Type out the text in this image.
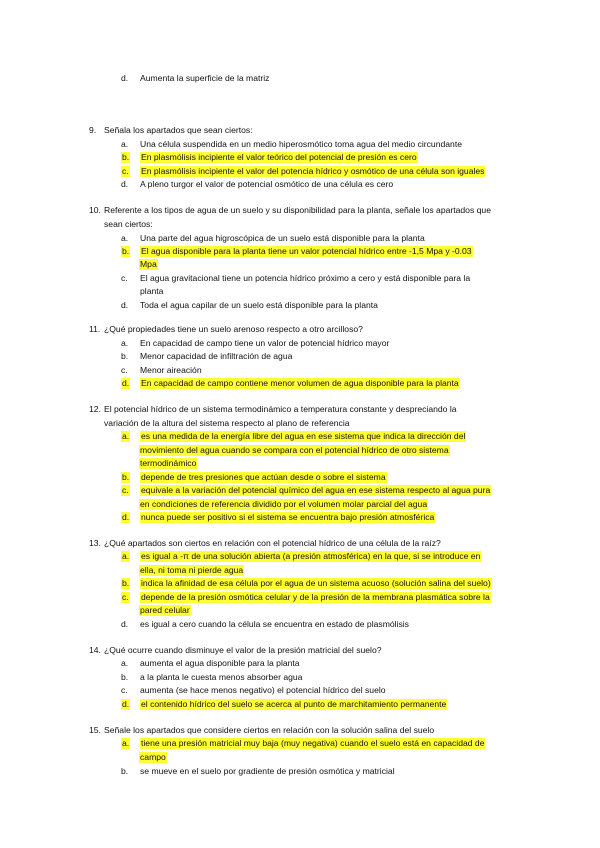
d. Aumenta la superficie de la matriz
9. Señala los apartados que sean ciertos:
a. Una célula suspendida en un medio hiperosmótico toma agua del medio circundante
b. En plasmólisis incipiente el valor teórico del potencial de presión es cero
c. En plasmólisis incipiente el valor del potencia hídrico y osmótico de una célula son iguales
d. A pleno turgor el valor de potencial osmótico de una célula es cero
10. Referente a los tipos de agua de un suelo y su disponibilidad para la planta, señale los apartados que
sean ciertos:
a. Una parte del agua higroscópica de un suelo está disponible para la planta
b. El agua disponible para la planta tiene un valor potencial hídrico entre -1,5 Mpa y -0.03
Mpa
c. El agua gravitacional tiene un potencia hídrico próximo a cero y está disponible para la
planta
d. Toda el agua capilar de un suelo está disponible para la planta
11. ¿Qué propiedades tiene un suelo arenoso respecto a otro arcilloso?
a. En capacidad de campo tiene un valor de potencial hídrico mayor
b. Menor capacidad de infiltración de agua
c. Menor aireación
d. En capacidad de campo contiene menor volumen de agua disponible para la planta
12. El potencial hídrico de un sistema termodinámico a temperatura constante y despreciando la
variación de la altura del sistema respecto al plano de referencia
a. es una medida de la energía libre del agua en ese sistema que indica la dirección del
movimiento del agua cuando se compara con el potencial hídrico de otro sistema
termodinámico
b. depende de tres presiones que actúan desde o sobre el sistema
c. equivale a la variación del potencial químico del agua en ese sistema respecto al agua pura
en condiciones de referencia dividido por el volumen molar parcial del agua
d. nunca puede ser positivo si el sistema se encuentra bajo presión atmosférica
13. ¿Qué apartados son ciertos en relación con el potencial hídrico de una célula de la raíz?
a. es igual a -π de una solución abierta (a presión atmosférica) en la que, si se introduce en
ella, ni toma ni pierde agua
b. indica la afinidad de esa célula por el agua de un sistema acuoso (solución salina del suelo)
c. depende de la presión osmótica celular y de la presión de la membrana plasmática sobre la
pared celular
d. es igual a cero cuando la célula se encuentra en estado de plasmólisis
14. ¿Qué ocurre cuando disminuye el valor de la presión matricial del suelo?
a. aumenta el agua disponible para la planta
b. a la planta le cuesta menos absorber agua
c. aumenta (se hace menos negativo) el potencial hídrico del suelo
d. el contenido hídrico del suelo se acerca al punto de marchitamiento permanente
15. Señale los apartados que considere ciertos en relación con la solución salina del suelo
a. tiene una presión matricial muy baja (muy negativa) cuando el suelo está en capacidad de
campo
b. se mueve en el suelo por gradiente de presión osmótica y matricial
